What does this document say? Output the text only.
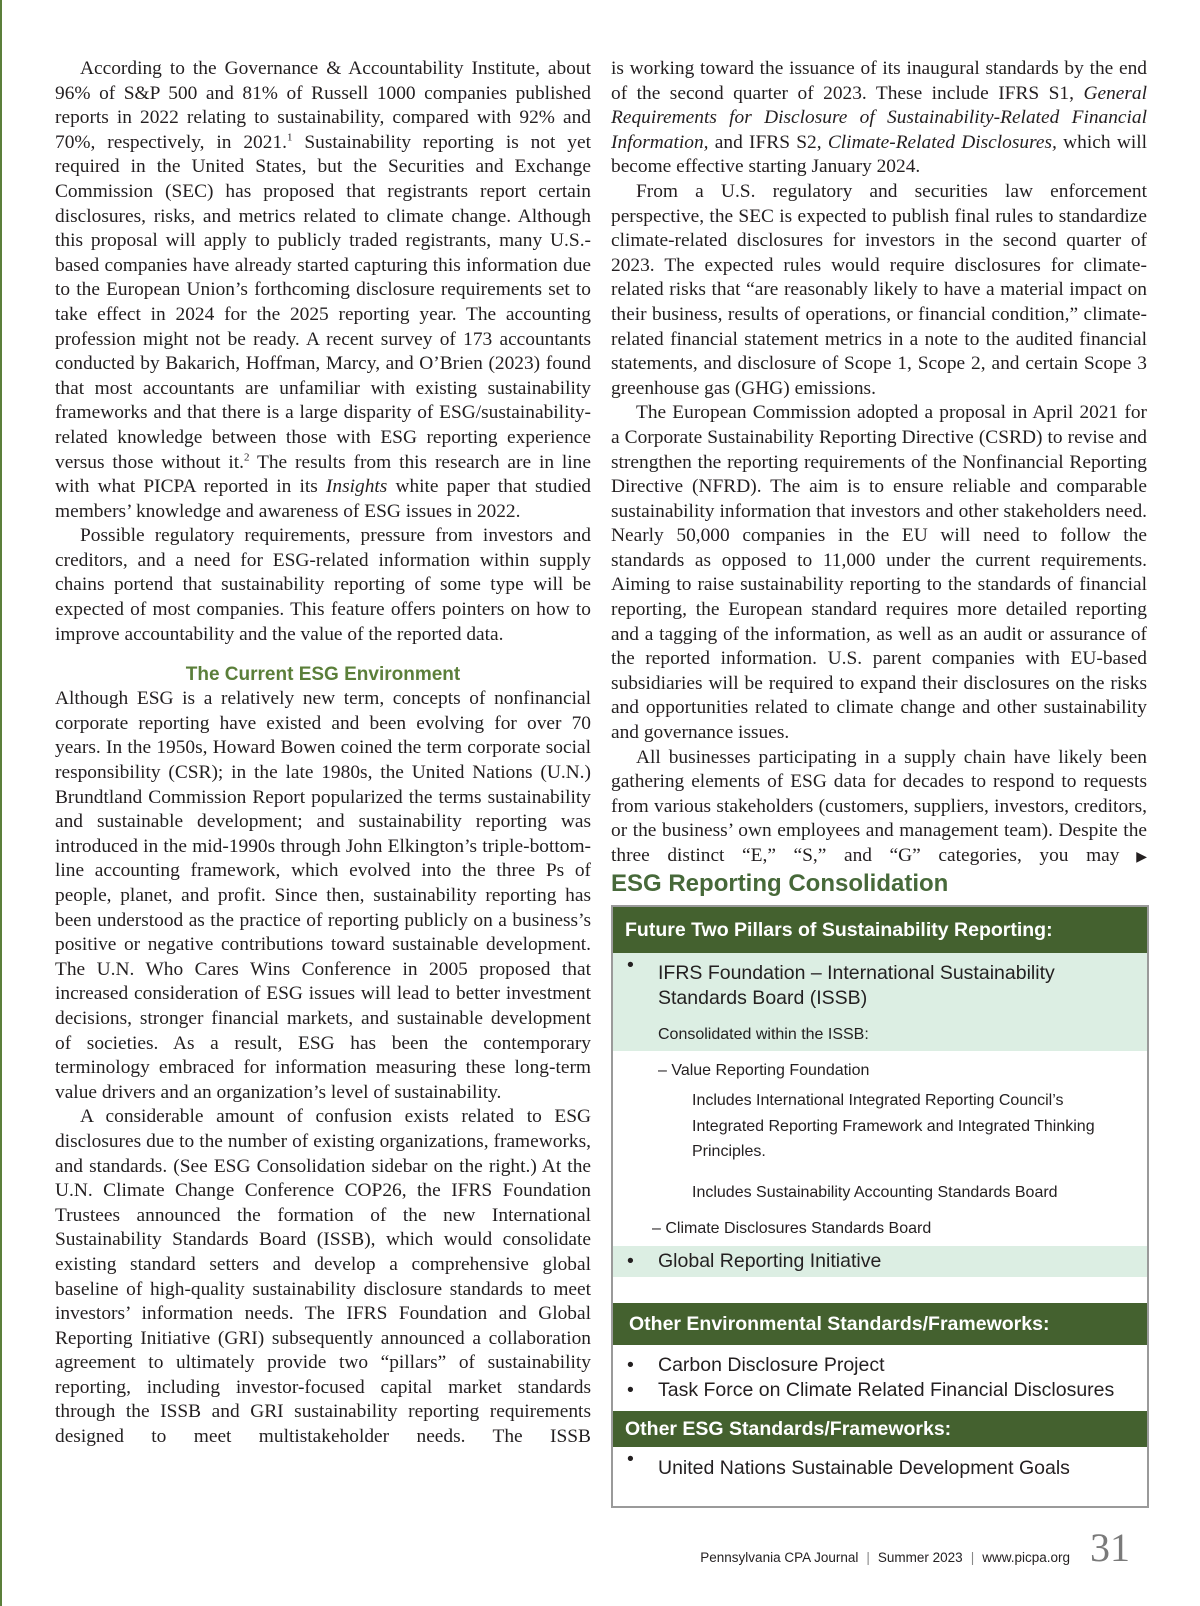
According to the Governance & Accountability Institute, about 96% of S&P 500 and 81% of Russell 1000 companies published reports in 2022 relating to sustainability, compared with 92% and 70%, respectively, in 2021.$^1$ Sustainability reporting is not yet required in the United States, but the Securities and Exchange Commission (SEC) has proposed that registrants report certain disclosures, risks, and metrics related to climate change. Although this proposal will apply to publicly traded registrants, many U.S.-based companies have already started capturing this information due to the European Union’s forthcoming disclosure requirements set to take effect in 2024 for the 2025 reporting year. The accounting profession might not be ready. A recent survey of 173 accountants conducted by Bakarich, Hoffman, Marcy, and O’Brien (2023) found that most accountants are unfamiliar with existing sustainability frameworks and that there is a large disparity of ESG/sustainability-related knowledge between those with ESG reporting experience versus those without it.$^2$ The results from this research are in line with what PICPA reported in its Insights white paper that studied members’ knowledge and awareness of ESG issues in 2022.

Possible regulatory requirements, pressure from investors and creditors, and a need for ESG-related information within supply chains portend that sustainability reporting of some type will be expected of most companies. This feature offers pointers on how to improve accountability and the value of the reported data.

The Current ESG Environment

Although ESG is a relatively new term, concepts of nonfinancial corporate reporting have existed and been evolving for over 70 years. In the 1950s, Howard Bowen coined the term corporate social responsibility (CSR); in the late 1980s, the United Nations (U.N.) Brundtland Commission Report popularized the terms sustainability and sustainable development; and sustainability reporting was introduced in the mid-1990s through John Elkington’s triple-bottom-line accounting framework, which evolved into the three Ps of people, planet, and profit. Since then, sustainability reporting has been understood as the practice of reporting publicly on a business’s positive or negative contributions toward sustainable development. The U.N. Who Cares Wins Conference in 2005 proposed that increased consideration of ESG issues will lead to better investment decisions, stronger financial markets, and sustainable development of societies. As a result, ESG has been the contemporary terminology embraced for information measuring these long-term value drivers and an organization’s level of sustainability.

A considerable amount of confusion exists related to ESG disclosures due to the number of existing organizations, frameworks, and standards. (See ESG Consolidation sidebar on the right.) At the U.N. Climate Change Conference COP26, the IFRS Foundation Trustees announced the formation of the new International Sustainability Standards Board (ISSB), which would consolidate existing standard setters and develop a comprehensive global baseline of high-quality sustainability disclosure standards to meet investors’ information needs. The IFRS Foundation and Global Reporting Initiative (GRI) subsequently announced a collaboration agreement to ultimately provide two “pillars” of sustainability reporting, including investor-focused capital market standards through the ISSB and GRI sustainability reporting requirements designed to meet multistakeholder needs. The ISSB

is working toward the issuance of its inaugural standards by the end of the second quarter of 2023. These include IFRS S1, General Requirements for Disclosure of Sustainability-Related Financial Information, and IFRS S2, Climate-Related Disclosures, which will become effective starting January 2024.

From a U.S. regulatory and securities law enforcement perspective, the SEC is expected to publish final rules to standardize climate-related disclosures for investors in the second quarter of 2023. The expected rules would require disclosures for climate-related risks that “are reasonably likely to have a material impact on their business, results of operations, or financial condition,” climate-related financial statement metrics in a note to the audited financial statements, and disclosure of Scope 1, Scope 2, and certain Scope 3 greenhouse gas (GHG) emissions.

The European Commission adopted a proposal in April 2021 for a Corporate Sustainability Reporting Directive (CSRD) to revise and strengthen the reporting requirements of the Nonfinancial Reporting Directive (NFRD). The aim is to ensure reliable and comparable sustainability information that investors and other stakeholders need. Nearly 50,000 companies in the EU will need to follow the standards as opposed to 11,000 under the current requirements. Aiming to raise sustainability reporting to the standards of financial reporting, the European standard requires more detailed reporting and a tagging of the information, as well as an audit or assurance of the reported information. U.S. parent companies with EU-based subsidiaries will be required to expand their disclosures on the risks and opportunities related to climate change and other sustainability and governance issues.

All businesses participating in a supply chain have likely been gathering elements of ESG data for decades to respond to requests from various stakeholders (customers, suppliers, investors, creditors, or the business’ own employees and management team). Despite the three distinct “E,” “S,” and “G” categories, you may ▶

ESG Reporting Consolidation
Future Two Pillars of Sustainability Reporting:
• IFRS Foundation – International Sustainability Standards Board (ISSB)
Consolidated within the ISSB:
– Value Reporting Foundation
Includes International Integrated Reporting Council’s Integrated Reporting Framework and Integrated Thinking Principles.
Includes Sustainability Accounting Standards Board
– Climate Disclosures Standards Board
• Global Reporting Initiative
Other Environmental Standards/Frameworks:
• Carbon Disclosure Project
• Task Force on Climate Related Financial Disclosures
Other ESG Standards/Frameworks:
• United Nations Sustainable Development Goals
Pennsylvania CPA Journal | Summer 2023 | www.picpa.org 31
